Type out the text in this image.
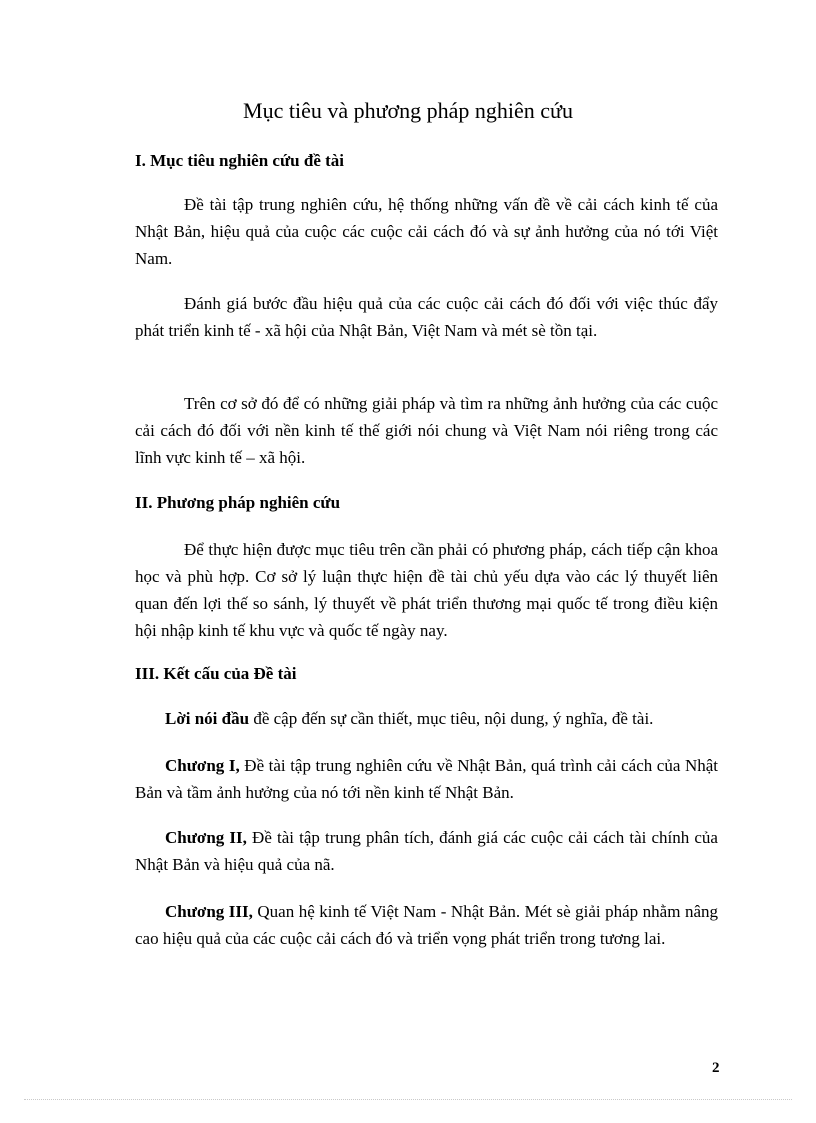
Mục tiêu và phương pháp nghiên cứu
I. Mục tiêu nghiên cứu đề tài

Đề tài tập trung nghiên cứu, hệ thống những vấn đề về cải cách kinh tế của Nhật Bản, hiệu quả của cuộc các cuộc cải cách đó và sự ảnh hưởng của nó tới Việt Nam.

Đánh giá bước đầu hiệu quả của các cuộc cải cách đó đối với việc thúc đẩy phát triển kinh tế - xã hội của Nhật Bản, Việt Nam và mét sè tồn tại.

Trên cơ sở đó để có những giải pháp và tìm ra những ảnh hưởng của các cuộc cải cách đó đối với nền kinh tế thế giới nói chung và Việt Nam nói riêng trong các lĩnh vực kinh tế – xã hội.

II. Phương pháp nghiên cứu

Để thực hiện được mục tiêu trên cần phải có phương pháp, cách tiếp cận khoa học và phù hợp. Cơ sở lý luận thực hiện đề tài chủ yếu dựa vào các lý thuyết liên quan đến lợi thế so sánh, lý thuyết về phát triển thương mại quốc tế trong điều kiện hội nhập kinh tế khu vực và quốc tế ngày nay.

III. Kết cấu của Đề tài

Lời nói đầu đề cập đến sự cần thiết, mục tiêu, nội dung, ý nghĩa, đề tài.

Chương I, Đề tài tập trung nghiên cứu về Nhật Bản, quá trình cải cách của Nhật Bản và tầm ảnh hưởng của nó tới nền kinh tế Nhật Bản.

Chương II, Đề tài tập trung phân tích, đánh giá các cuộc cải cách tài chính của Nhật Bản và hiệu quả của nã.

Chương III, Quan hệ kinh tế Việt Nam - Nhật Bản. Mét sè giải pháp nhằm nâng cao hiệu quả của các cuộc cải cách đó và triển vọng phát triển trong tương lai.

2
